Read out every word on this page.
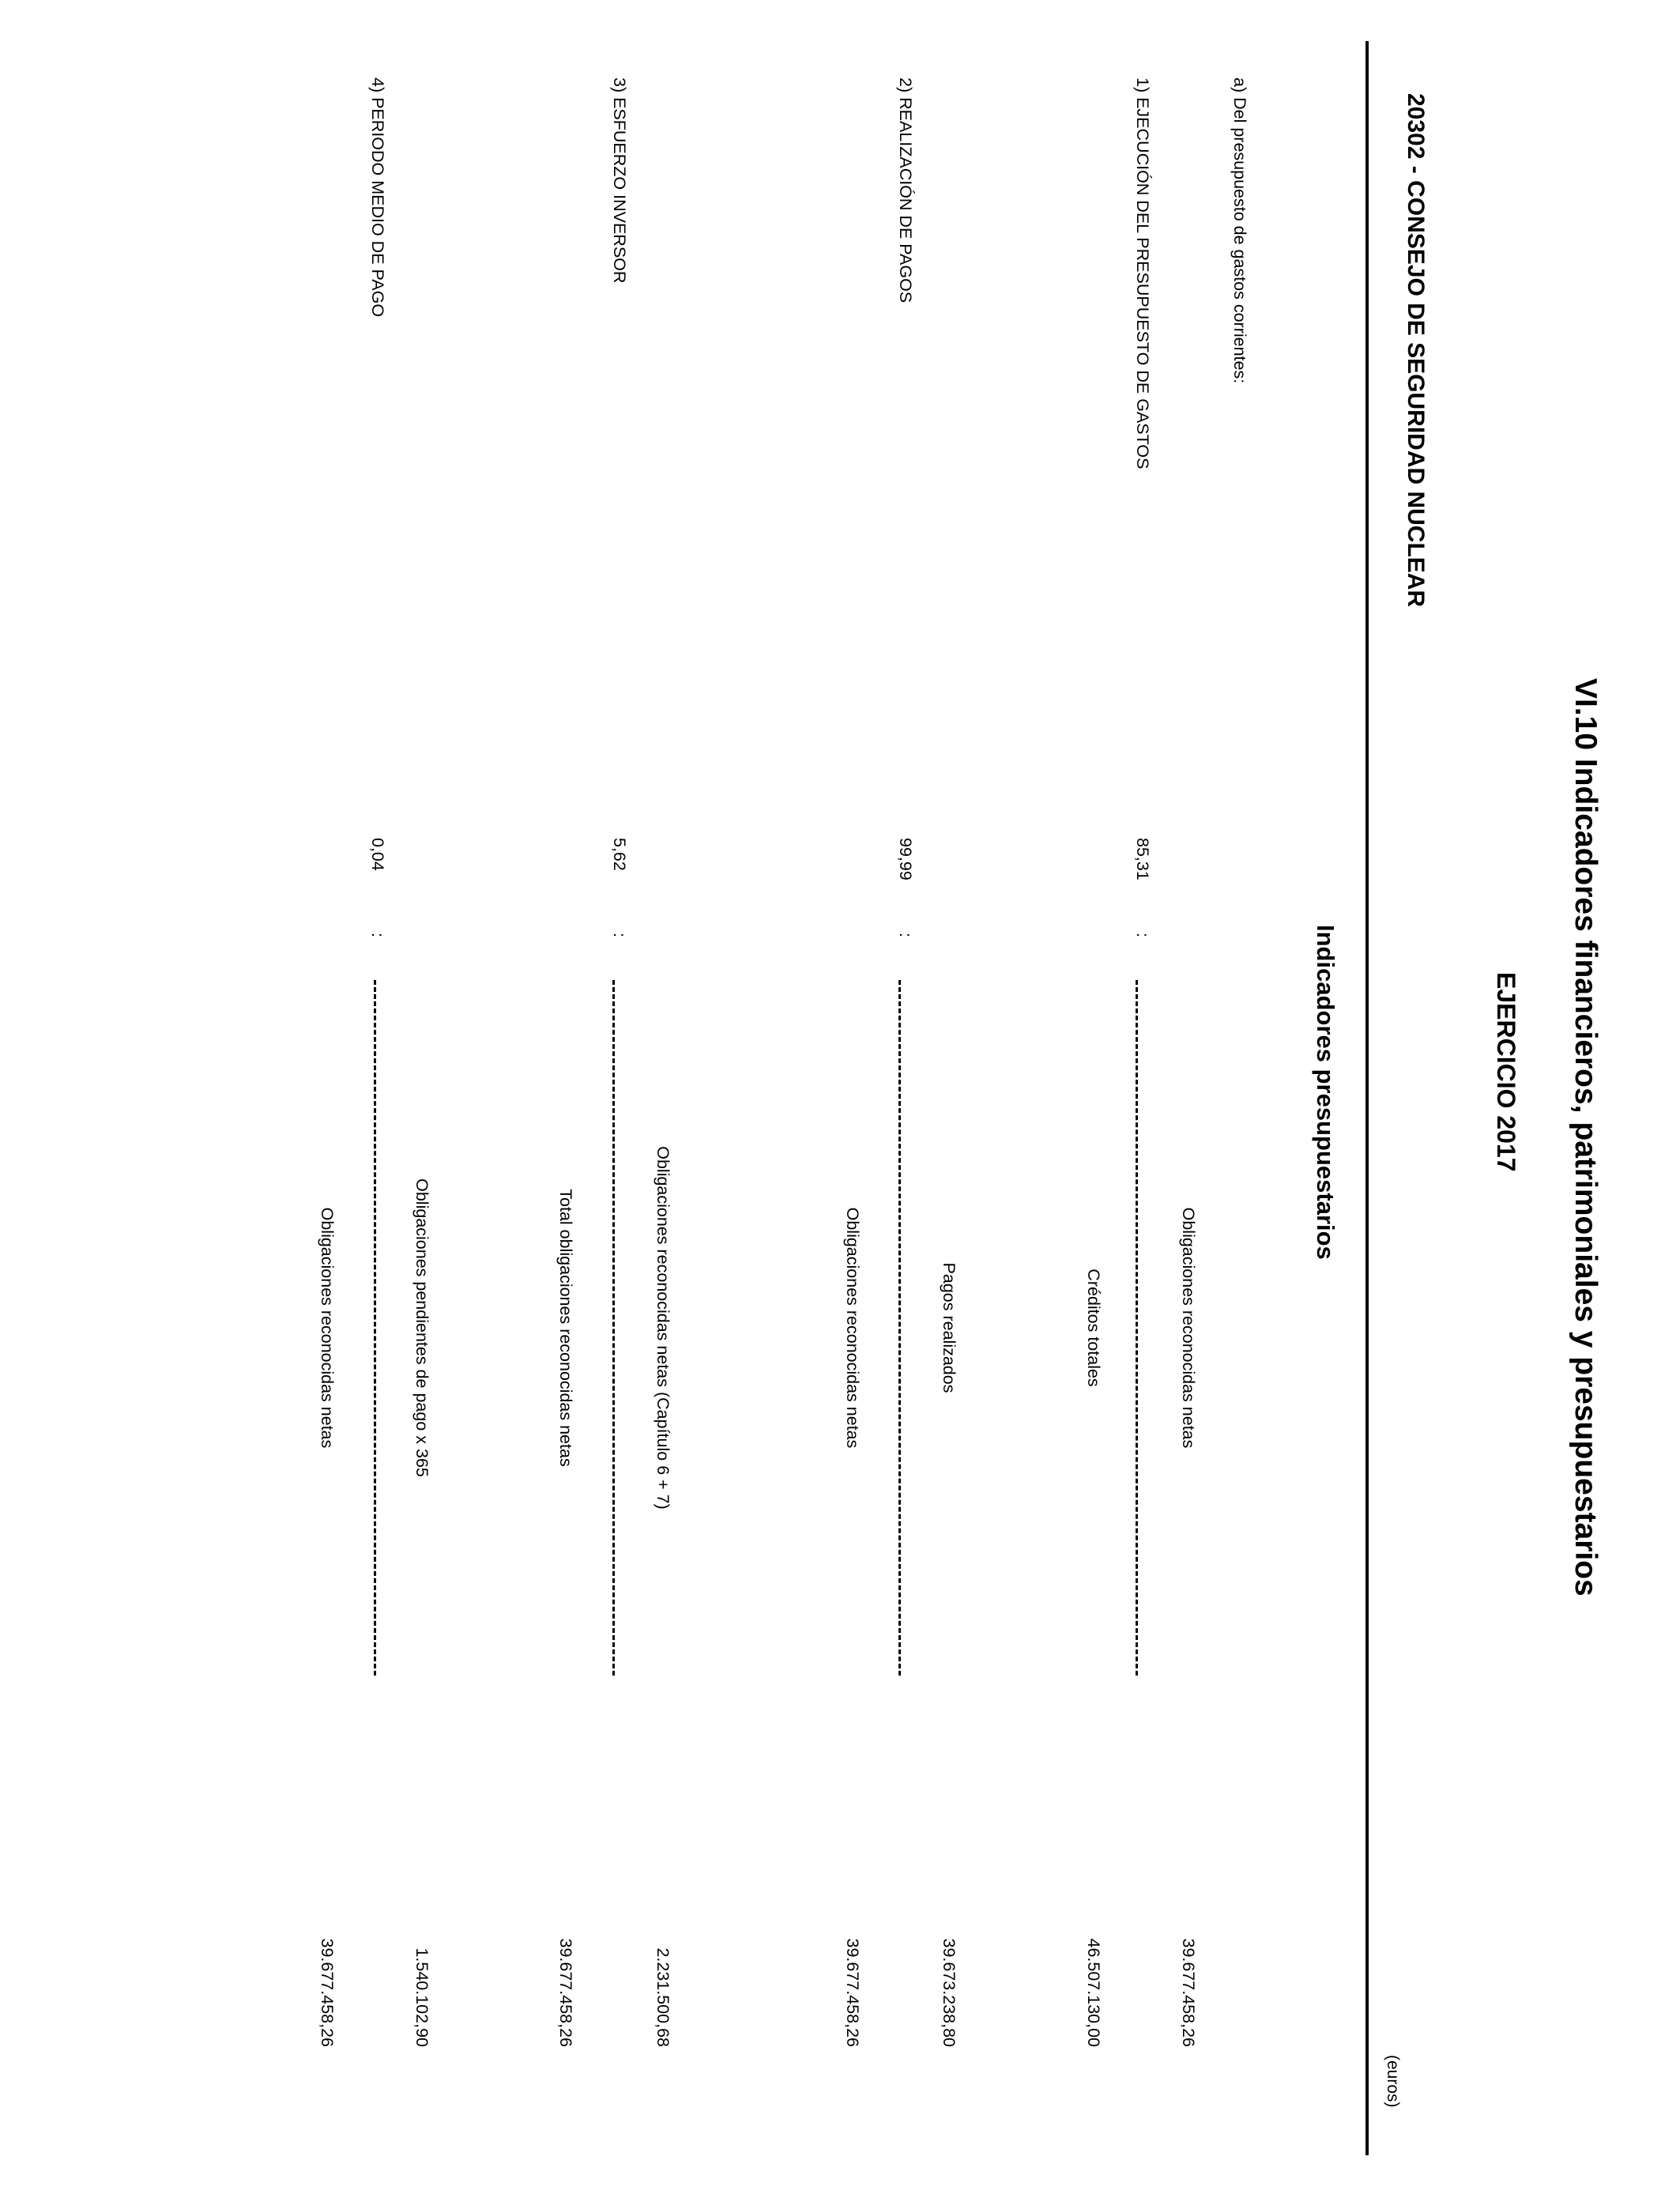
VI.10 Indicadores financieros, patrimoniales y presupuestarios
EJERCICIO 2017
20302 - CONSEJO DE SEGURIDAD NUCLEAR
(euros)
Indicadores presupuestarios
a) Del presupuesto de gastos corrientes:
1) EJECUCIÓN DEL PRESUPUESTO DE GASTOS
85,31
:
Obligaciones reconocidas netas
Créditos totales
39.677.458,26
46.507.130,00
2) REALIZACIÓN DE PAGOS
99,99
:
Pagos realizados
Obligaciones reconocidas netas
39.673.238,80
39.677.458,26
3) ESFUERZO INVERSOR
5,62
:
Obligaciones reconocidas netas (Capítulo 6 + 7)
Total obligaciones reconocidas netas
2.231.500,68
39.677.458,26
4) PERIODO MEDIO DE PAGO
0,04
:
Obligaciones pendientes de pago x 365
Obligaciones reconocidas netas
1.540.102,90
39.677.458,26
